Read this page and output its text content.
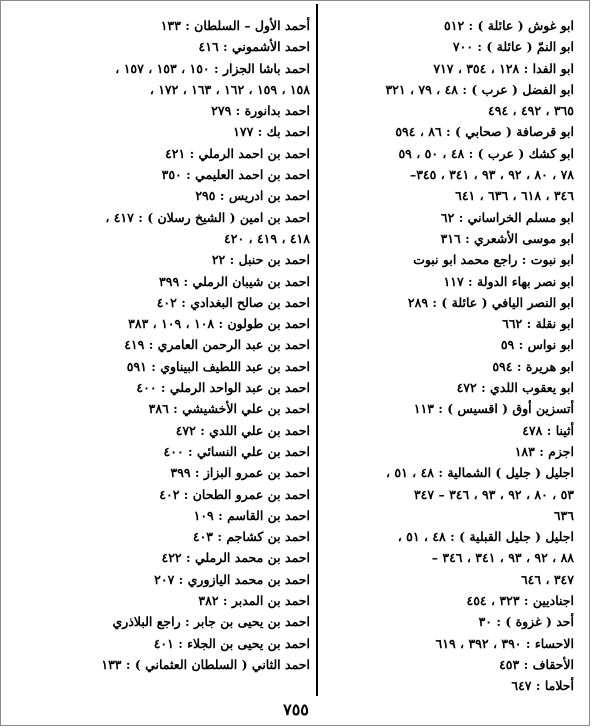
ابو غوش ( عائلة ) : ٥١٢
ابو النمّ ( عائلة ) : ٧٠٠
ابو الفدا : ١٢٨ ، ٣٥٤ ، ٧١٧
ابو الفضل ( عرب ) : ٤٨ ، ٧٩ ، ٣٢١
٣٦٥ ، ٤٩٢ ، ٤٩٤
ابو قرصافة ( صحابي ) : ٨٦ ، ٥٩٤
ابو كشك ( عرب ) : ٤٨ ، ٥٠ ، ٥٩
٧٨ ، ٨٠ ، ٩٢ ، ٩٣ ، ٣٤١ ، ٣٤٥–
٣٤٦ ، ٦١٨ ، ٦٣٦ ، ٦٤١
ابو مسلم الخراساني : ٦٢
ابو موسى الأشعري : ٣١٦
ابو نبوت : راجع محمد ابو نبوت
ابو نصر بهاء الدولة : ١١٧
ابو النصر اليافي ( عائلة ) : ٢٨٩
ابو نقلة : ٦٦٢
ابو نواس : ٥٩
ابو هريرة : ٥٩٤
ابو يعقوب اللدي : ٤٧٢
أتسزين أوق ( اقسيس ) : ١١٣
أثينا : ٤٧٨
اجزم : ١٨٣
اجليل ( جليل ) الشمالية : ٤٨ ، ٥١ ،
٥٣ ، ٨٠ ، ٩٢ ، ٩٣ ، ٣٤٦ – ٣٤٧
٦٣٦
اجليل ( جليل القبلية ) : ٤٨ ، ٥١ ،
٨٨ ، ٩٢ ، ٩٣ ، ٣٤١ ، ٣٤٦ –
٣٤٧ ، ٦٤٦
اجناديين : ٣٢٣ ، ٤٥٤
أحد ( غزوة ) : ٣٠
الاحساء : ٣٩٠ ، ٣٩٢ ، ٦١٩
الأحقاف : ٤٥٣
أحلاما : ٦٤٧
أحمد الأول – السلطان : ١٣٣
احمد الأشموني : ٤١٦
احمد باشا الجزار : ١٥٠ ، ١٥٣ ، ١٥٧ ،
١٥٨ ، ١٥٩ ، ١٦٢ ، ١٦٣ ، ١٧٢ ،
احمد بدانورة : ٢٧٩
احمد بك : ١٧٧
احمد بن احمد الرملي : ٤٢١
احمد بن احمد العليمي : ٣٥٠
احمد بن ادريس : ٢٩٥
احمد بن امين ( الشيخ رسلان ) : ٤١٧ ،
٤١٨ ، ٤١٩ ، ٤٢٠
احمد بن حنبل : ٢٢
احمد بن شيبان الرملي : ٣٩٩
احمد بن صالح البغدادي : ٤٠٢
احمد بن طولون : ١٠٨ ، ١٠٩ ، ٣٨٣
احمد بن عبد الرحمن العامري : ٤١٩
احمد بن عبد اللطيف البيناوي : ٥٩١
احمد بن عبد الواحد الرملي : ٤٠٠
احمد بن علي الأخشيشي : ٣٨٦
احمد بن علي اللدي : ٤٧٢
احمد بن علي النسائي : ٤٠٠
احمد بن عمرو البزاز : ٣٩٩
احمد بن عمرو الطحان : ٤٠٢
احمد بن القاسم : ١٠٩
احمد بن كشاجم : ٤٠٣
احمد بن محمد الرملي : ٤٢٢
احمد بن محمد اليازوري : ٢٠٧
احمد بن المدبر : ٣٨٢
احمد بن يحيى بن جابر : راجع البلاذري
احمد بن يحيى بن الجلاء : ٤٠١
احمد الثاني ( السلطان العثماني ) : ١٣٣
٧٥٥
